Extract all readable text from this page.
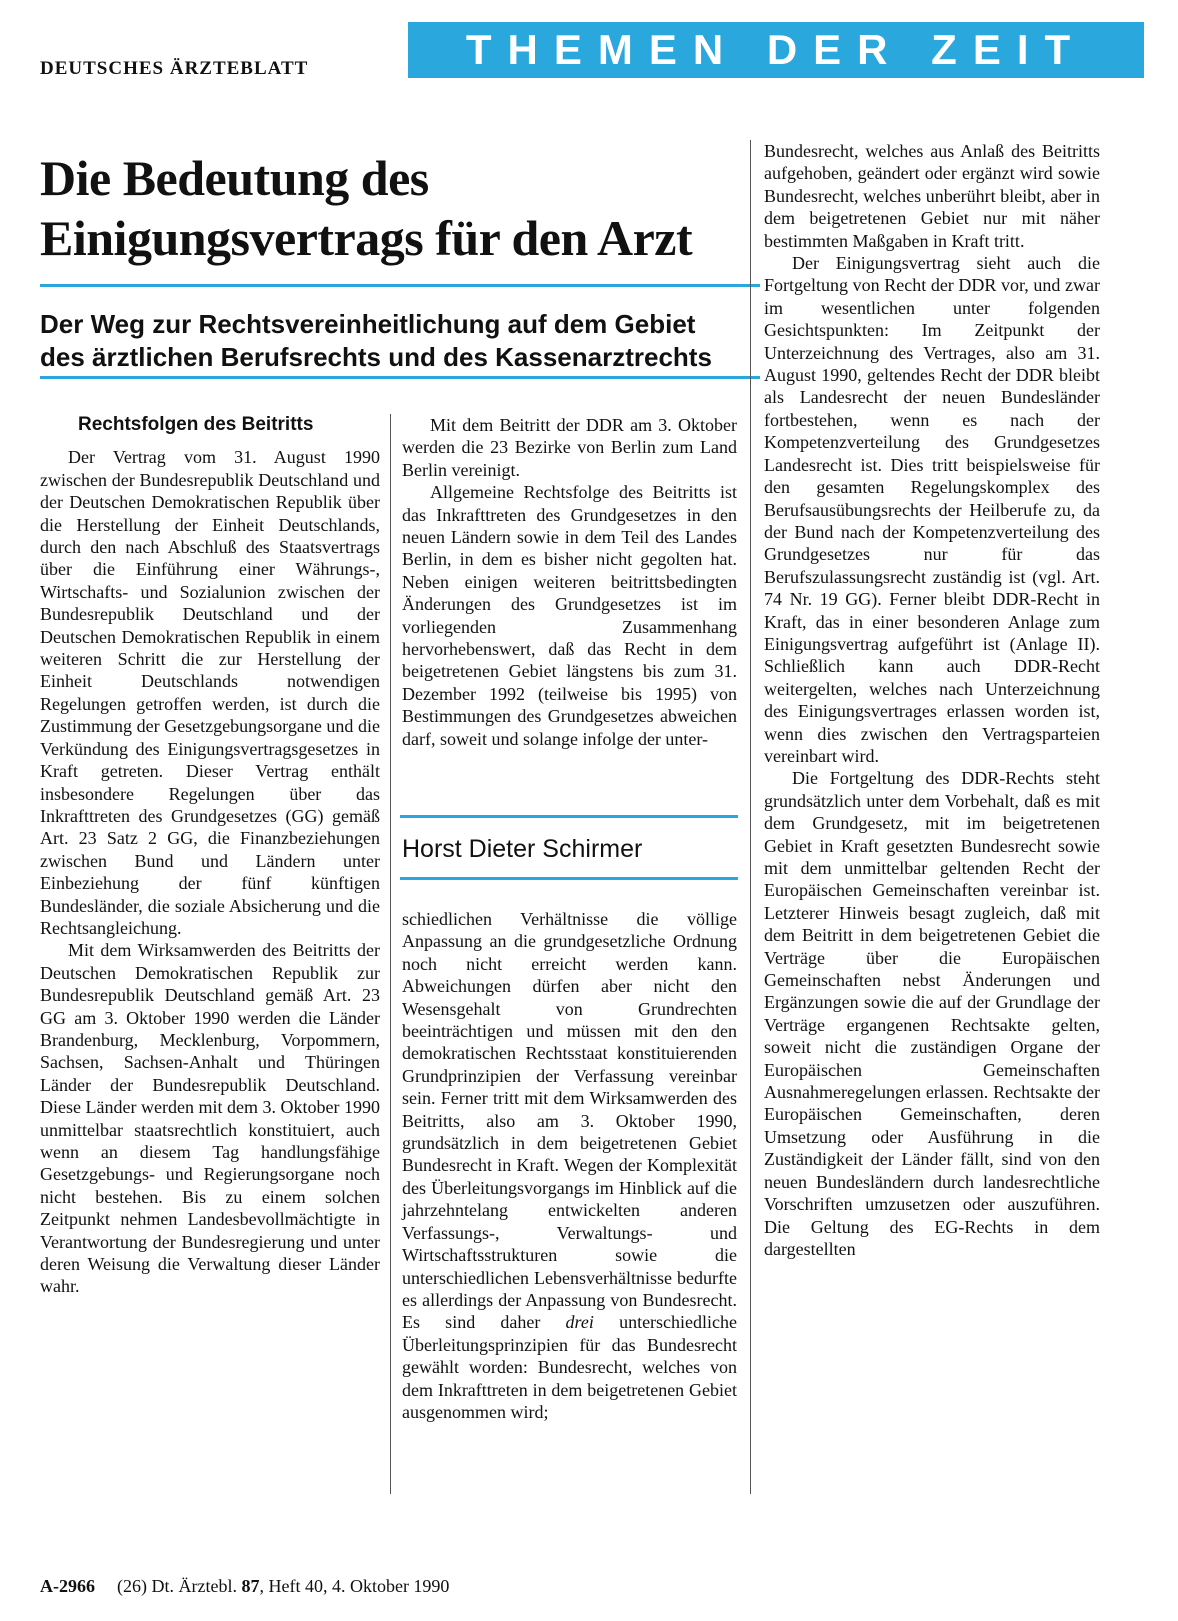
DEUTSCHES ÄRZTEBLATT	THEMEN DER ZEIT
Die Bedeutung des
Einigungsvertrags für den Arzt
Der Weg zur Rechtsvereinheitlichung auf dem Gebiet
des ärztlichen Berufsrechts und des Kassenarztrechts
Rechtsfolgen des Beitritts

Der Vertrag vom 31. August 1990 zwischen der Bundesrepublik Deutschland und der Deutschen Demokratischen Republik über die Herstellung der Einheit Deutschlands, durch den nach Abschluß des Staatsvertrags über die Einführung einer Währungs-, Wirtschafts- und Sozialunion zwischen der Bundesrepublik Deutschland und der Deutschen Demokratischen Republik in einem weiteren Schritt die zur Herstellung der Einheit Deutschlands notwendigen Regelungen getroffen werden, ist durch die Zustimmung der Gesetzgebungsorgane und die Verkündung des Einigungsvertragsgesetzes in Kraft getreten. Dieser Vertrag enthält insbesondere Regelungen über das Inkrafttreten des Grundgesetzes (GG) gemäß Art. 23 Satz 2 GG, die Finanzbeziehungen zwischen Bund und Ländern unter Einbeziehung der fünf künftigen Bundesländer, die soziale Absicherung und die Rechtsangleichung.

Mit dem Wirksamwerden des Beitritts der Deutschen Demokratischen Republik zur Bundesrepublik Deutschland gemäß Art. 23 GG am 3. Oktober 1990 werden die Länder Brandenburg, Mecklenburg, Vorpommern, Sachsen, Sachsen-Anhalt und Thüringen Länder der Bundesrepublik Deutschland. Diese Länder werden mit dem 3. Oktober 1990 unmittelbar staatsrechtlich konstituiert, auch wenn an diesem Tag handlungsfähige Gesetzgebungs- und Regierungsorgane noch nicht bestehen. Bis zu einem solchen Zeitpunkt nehmen Landesbevollmächtigte in Verantwortung der Bundesregierung und unter deren Weisung die Verwaltung dieser Länder wahr.

Mit dem Beitritt der DDR am 3. Oktober werden die 23 Bezirke von Berlin zum Land Berlin vereinigt.

Allgemeine Rechtsfolge des Beitritts ist das Inkrafttreten des Grundgesetzes in den neuen Ländern sowie in dem Teil des Landes Berlin, in dem es bisher nicht gegolten hat. Neben einigen weiteren beitrittsbedingten Änderungen des Grundgesetzes ist im vorliegenden Zusammenhang hervorhebenswert, daß das Recht in dem beigetretenen Gebiet längstens bis zum 31. Dezember 1992 (teilweise bis 1995) von Bestimmungen des Grundgesetzes abweichen darf, soweit und solange infolge der unter-

Horst Dieter Schirmer

schiedlichen Verhältnisse die völlige Anpassung an die grundgesetzliche Ordnung noch nicht erreicht werden kann. Abweichungen dürfen aber nicht den Wesensgehalt von Grundrechten beeinträchtigen und müssen mit den den demokratischen Rechtsstaat konstituierenden Grundprinzipien der Verfassung vereinbar sein. Ferner tritt mit dem Wirksamwerden des Beitritts, also am 3. Oktober 1990, grundsätzlich in dem beigetretenen Gebiet Bundesrecht in Kraft. Wegen der Komplexität des Überleitungsvorgangs im Hinblick auf die jahrzehntelang entwickelten anderen Verfassungs-, Verwaltungs- und Wirtschaftsstrukturen sowie die unterschiedlichen Lebensverhältnisse bedurfte es allerdings der Anpassung von Bundesrecht. Es sind daher drei unterschiedliche Überleitungsprinzipien für das Bundesrecht gewählt worden: Bundesrecht, welches von dem Inkrafttreten in dem beigetretenen Gebiet ausgenommen wird;

Bundesrecht, welches aus Anlaß des Beitritts aufgehoben, geändert oder ergänzt wird sowie Bundesrecht, welches unberührt bleibt, aber in dem beigetretenen Gebiet nur mit näher bestimmten Maßgaben in Kraft tritt.

Der Einigungsvertrag sieht auch die Fortgeltung von Recht der DDR vor, und zwar im wesentlichen unter folgenden Gesichtspunkten: Im Zeitpunkt der Unterzeichnung des Vertrages, also am 31. August 1990, geltendes Recht der DDR bleibt als Landesrecht der neuen Bundesländer fortbestehen, wenn es nach der Kompetenzverteilung des Grundgesetzes Landesrecht ist. Dies tritt beispielsweise für den gesamten Regelungskomplex des Berufsausübungsrechts der Heilberufe zu, da der Bund nach der Kompetenzverteilung des Grundgesetzes nur für das Berufszulassungsrecht zuständig ist (vgl. Art. 74 Nr. 19 GG). Ferner bleibt DDR-Recht in Kraft, das in einer besonderen Anlage zum Einigungsvertrag aufgeführt ist (Anlage II). Schließlich kann auch DDR-Recht weitergelten, welches nach Unterzeichnung des Einigungsvertrages erlassen worden ist, wenn dies zwischen den Vertragsparteien vereinbart wird.

Die Fortgeltung des DDR-Rechts steht grundsätzlich unter dem Vorbehalt, daß es mit dem Grundgesetz, mit im beigetretenen Gebiet in Kraft gesetzten Bundesrecht sowie mit dem unmittelbar geltenden Recht der Europäischen Gemeinschaften vereinbar ist. Letzterer Hinweis besagt zugleich, daß mit dem Beitritt in dem beigetretenen Gebiet die Verträge über die Europäischen Gemeinschaften nebst Änderungen und Ergänzungen sowie die auf der Grundlage der Verträge ergangenen Rechtsakte gelten, soweit nicht die zuständigen Organe der Europäischen Gemeinschaften Ausnahmeregelungen erlassen. Rechtsakte der Europäischen Gemeinschaften, deren Umsetzung oder Ausführung in die Zuständigkeit der Länder fällt, sind von den neuen Bundesländern durch landesrechtliche Vorschriften umzusetzen oder auszuführen. Die Geltung des EG-Rechts in dem dargestellten

A-2966 (26) Dt. Ärztebl. 87, Heft 40, 4. Oktober 1990
